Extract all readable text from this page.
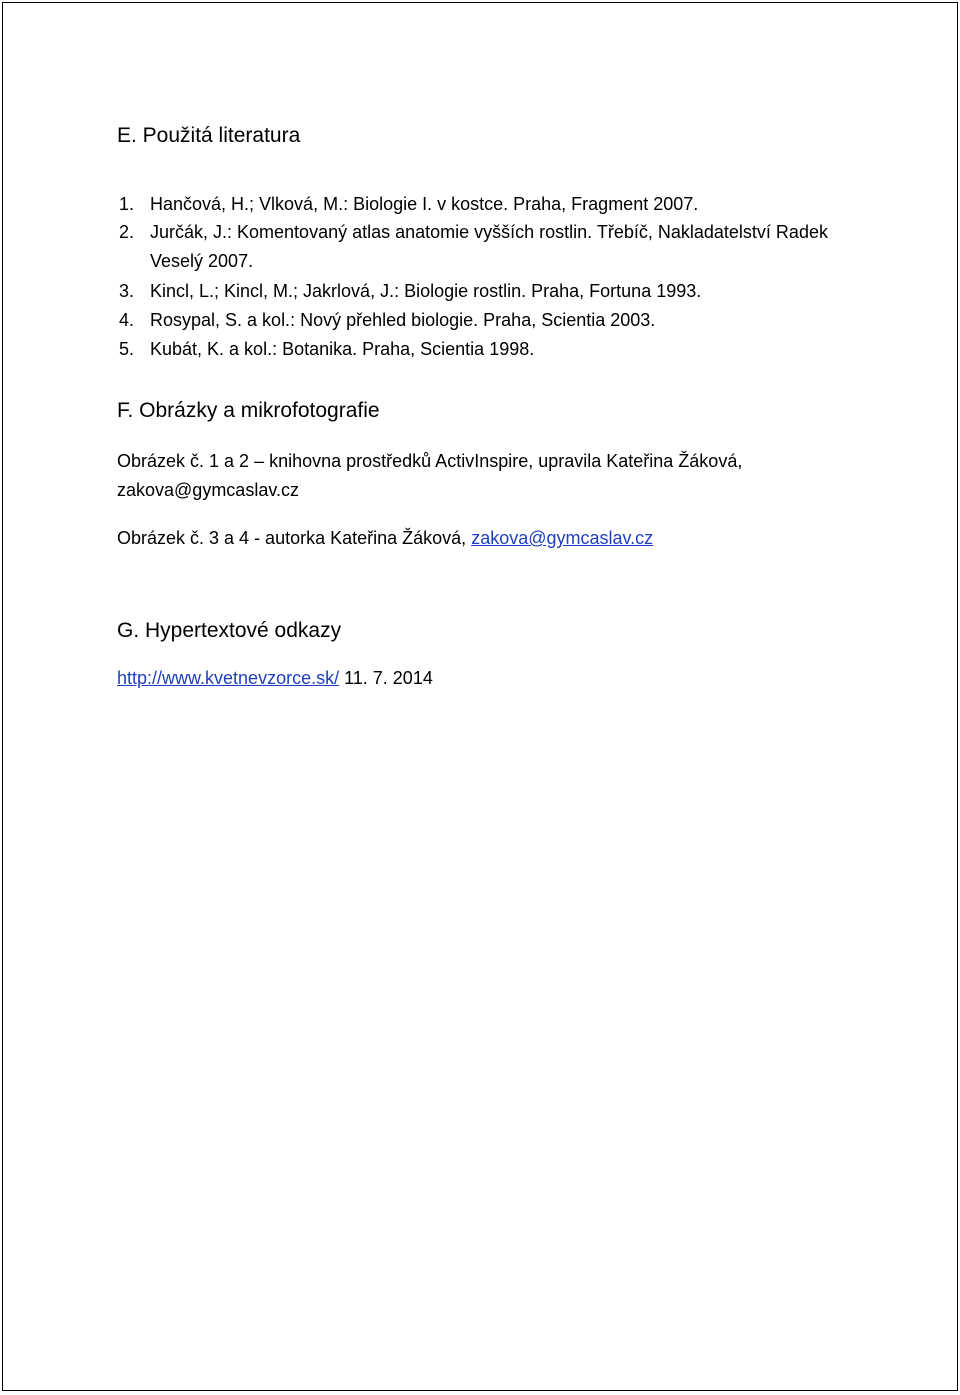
E. Použitá literatura
1. Hančová, H.; Vlková, M.: Biologie I. v kostce. Praha, Fragment 2007.
2. Jurčák, J.: Komentovaný atlas anatomie vyšších rostlin. Třebíč, Nakladatelství Radek
Veselý 2007.
3. Kincl, L.; Kincl, M.; Jakrlová, J.: Biologie rostlin. Praha, Fortuna 1993.
4. Rosypal, S. a kol.: Nový přehled biologie. Praha, Scientia 2003.
5. Kubát, K. a kol.: Botanika. Praha, Scientia 1998.
F. Obrázky a mikrofotografie
Obrázek č. 1 a 2 – knihovna prostředků ActivInspire, upravila Kateřina Žáková,
zakova@gymcaslav.cz
Obrázek č. 3 a 4 - autorka Kateřina Žáková, zakova@gymcaslav.cz
G. Hypertextové odkazy
http://www.kvetnevzorce.sk/ 11. 7. 2014
